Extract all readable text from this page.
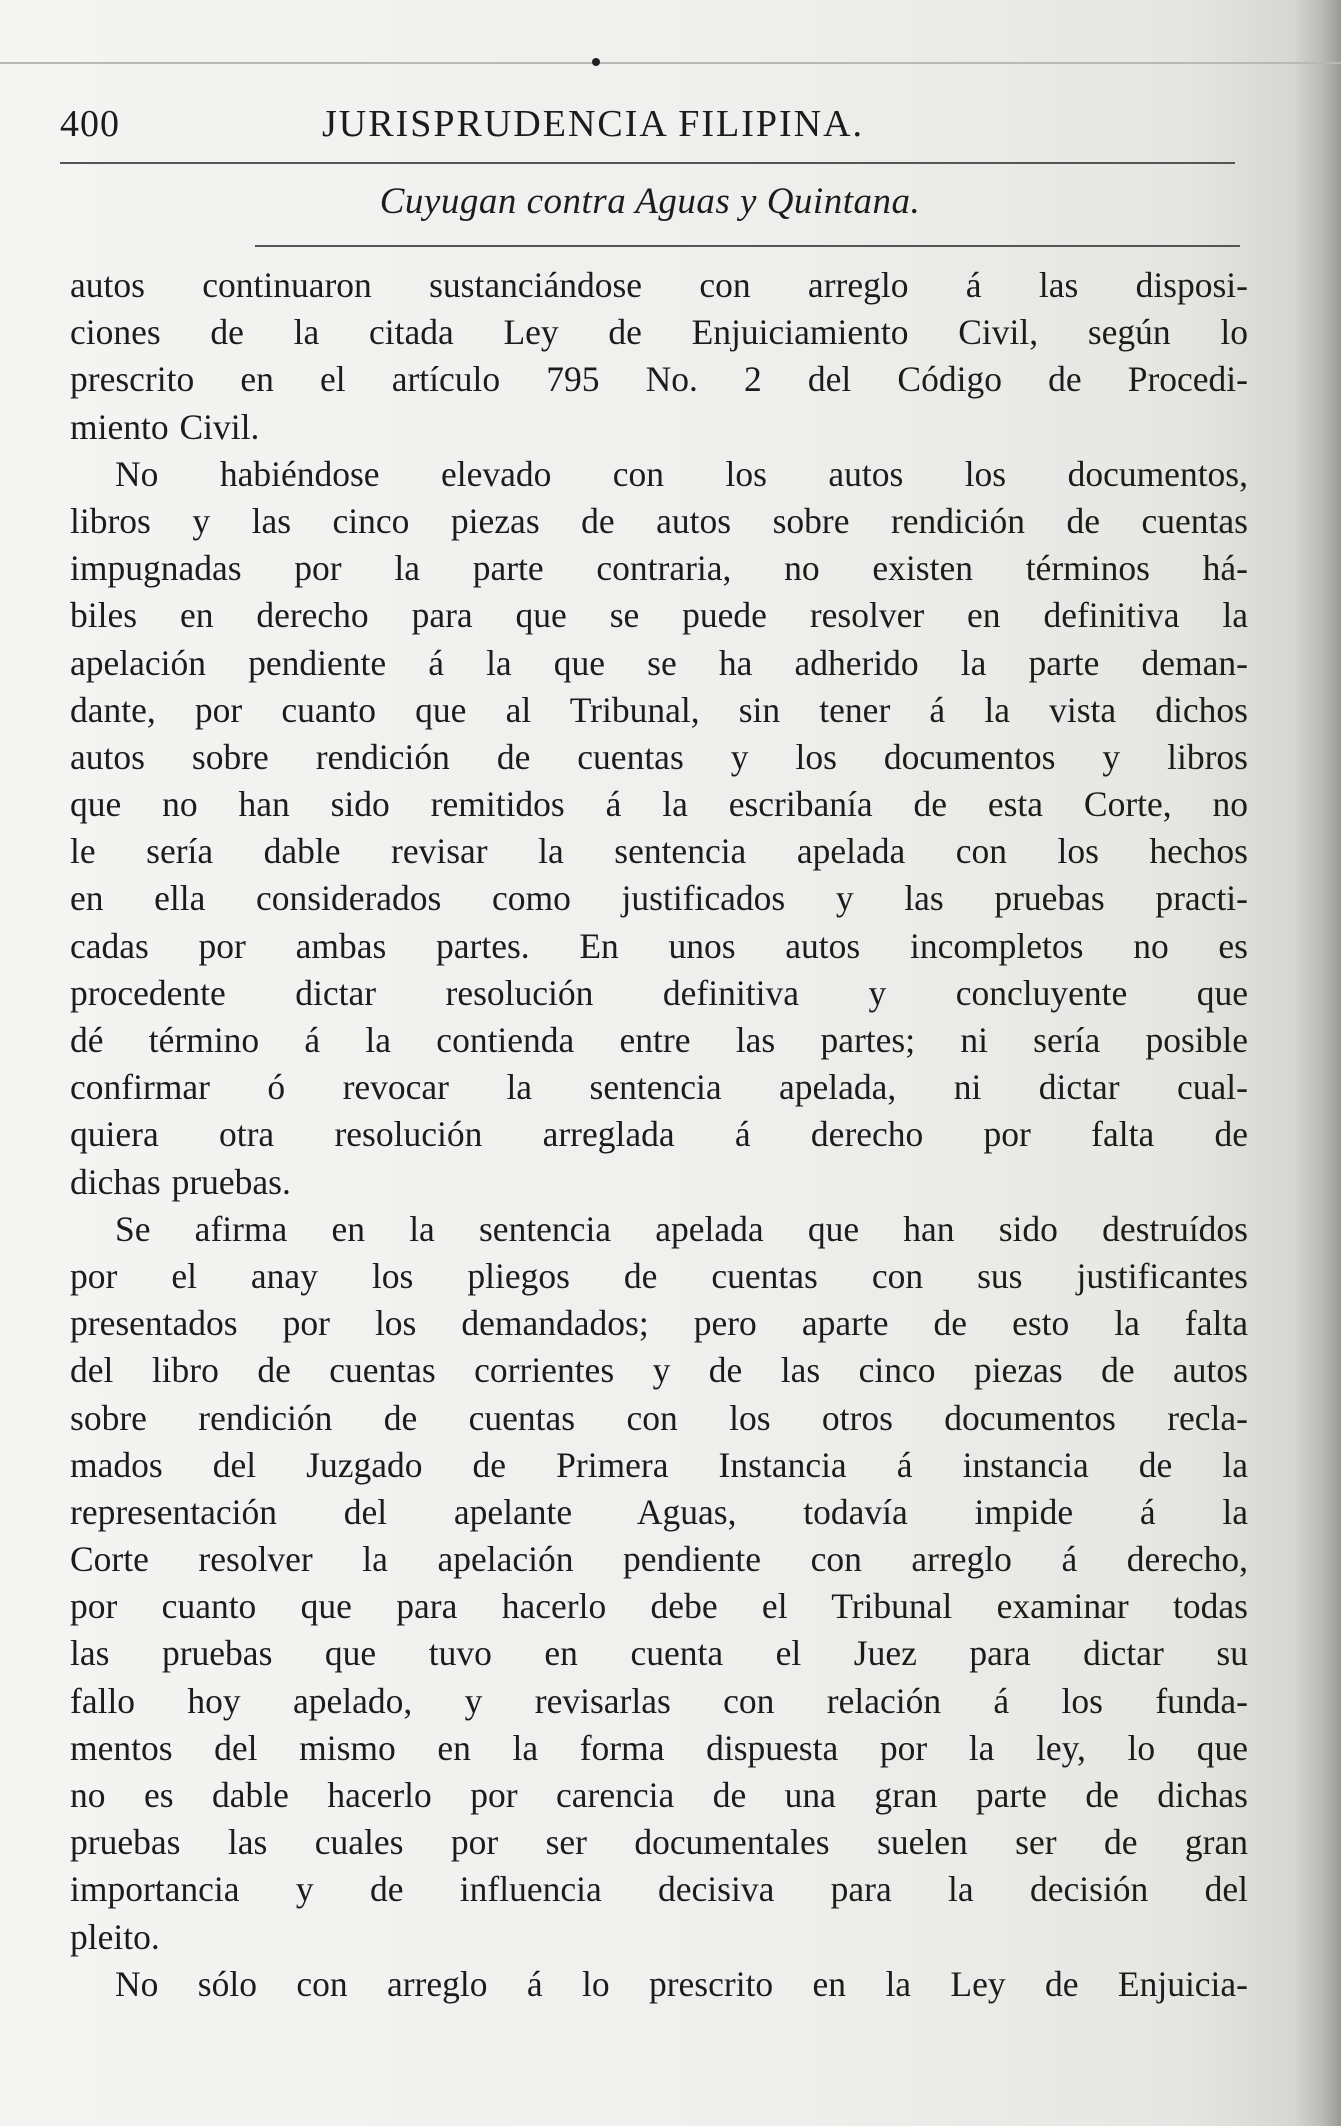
400	JURISPRUDENCIA FILIPINA.
Cuyugan contra Aguas y Quintana.
autos continuaron sustanciándose con arreglo á las disposi-
ciones de la citada Ley de Enjuiciamiento Civil, según lo
prescrito en el artículo 795 No. 2 del Código de Procedi-
miento Civil.
No habiéndose elevado con los autos los documentos,
libros y las cinco piezas de autos sobre rendición de cuentas
impugnadas por la parte contraria, no existen términos há-
biles en derecho para que se puede resolver en definitiva la
apelación pendiente á la que se ha adherido la parte deman-
dante, por cuanto que al Tribunal, sin tener á la vista dichos
autos sobre rendición de cuentas y los documentos y libros
que no han sido remitidos á la escribanía de esta Corte, no
le sería dable revisar la sentencia apelada con los hechos
en ella considerados como justificados y las pruebas practi-
cadas por ambas partes. En unos autos incompletos no es
procedente dictar resolución definitiva y concluyente que
dé término á la contienda entre las partes; ni sería posible
confirmar ó revocar la sentencia apelada, ni dictar cual-
quiera otra resolución arreglada á derecho por falta de
dichas pruebas.
Se afirma en la sentencia apelada que han sido destruídos
por el anay los pliegos de cuentas con sus justificantes
presentados por los demandados; pero aparte de esto la falta
del libro de cuentas corrientes y de las cinco piezas de autos
sobre rendición de cuentas con los otros documentos recla-
mados del Juzgado de Primera Instancia á instancia de la
representación del apelante Aguas, todavía impide á la
Corte resolver la apelación pendiente con arreglo á derecho,
por cuanto que para hacerlo debe el Tribunal examinar todas
las pruebas que tuvo en cuenta el Juez para dictar su
fallo hoy apelado, y revisarlas con relación á los funda-
mentos del mismo en la forma dispuesta por la ley, lo que
no es dable hacerlo por carencia de una gran parte de dichas
pruebas las cuales por ser documentales suelen ser de gran
importancia y de influencia decisiva para la decisión del
pleito.
No sólo con arreglo á lo prescrito en la Ley de Enjuicia-
